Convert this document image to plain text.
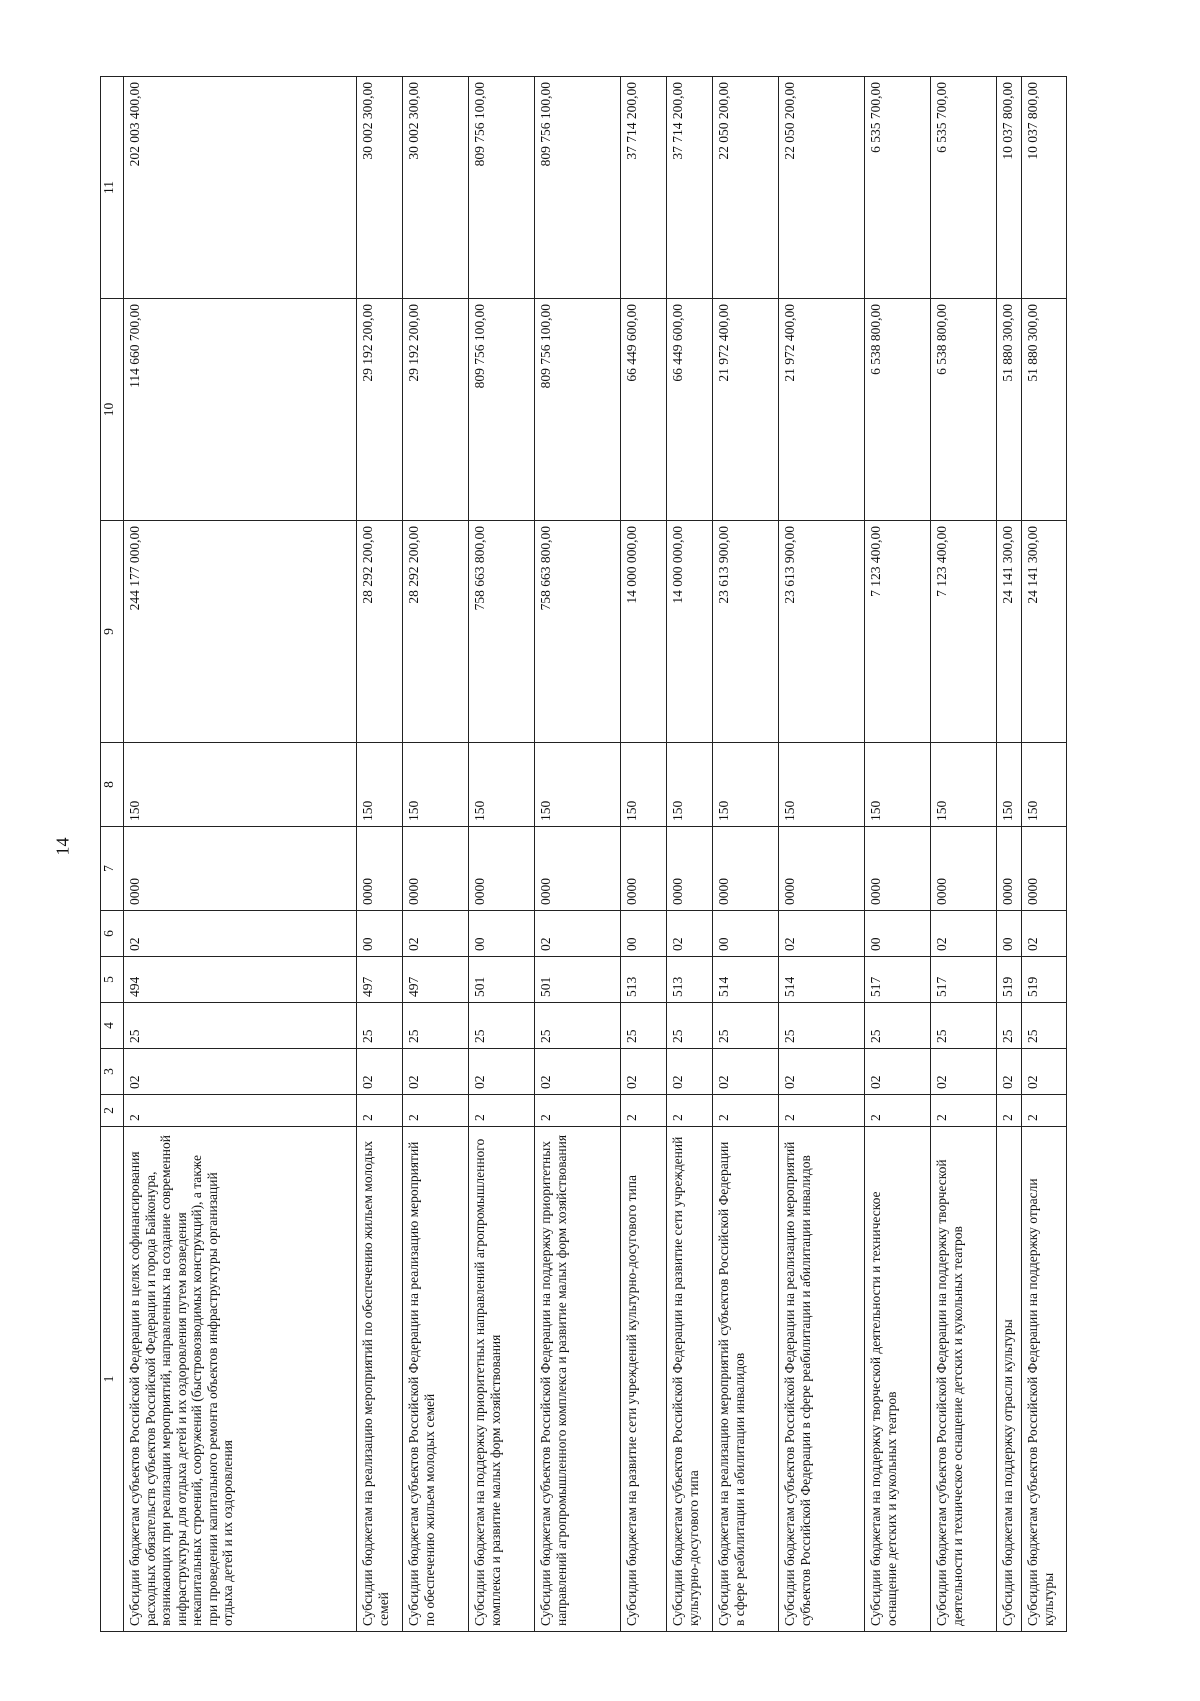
14
1	2	3	4	5	6	7	8	9	10	11
Субсидии бюджетам субъектов Российской Федерации в целях софинансирования расходных обязательств субъектов Российской Федерации и города Байконура, возникающих при реализации мероприятий, направленных на создание современной инфраструктуры для отдыха детей и их оздоровления путем возведения некапитальных строений, сооружений (быстровозводимых конструкций), а также при проведении капитального ремонта объектов инфраструктуры организаций отдыха детей и их оздоровления	2	02	25	494	02	0000	150	244 177 000,00	114 660 700,00	202 003 400,00
Субсидии бюджетам на реализацию мероприятий по обеспечению жильем молодых семей	2	02	25	497	00	0000	150	28 292 200,00	29 192 200,00	30 002 300,00
Субсидии бюджетам субъектов Российской Федерации на реализацию мероприятий по обеспечению жильем молодых семей	2	02	25	497	02	0000	150	28 292 200,00	29 192 200,00	30 002 300,00
Субсидии бюджетам на поддержку приоритетных направлений агропромышленного комплекса и развитие малых форм хозяйствования	2	02	25	501	00	0000	150	758 663 800,00	809 756 100,00	809 756 100,00
Субсидии бюджетам субъектов Российской Федерации на поддержку приоритетных направлений агропромышленного комплекса и развитие малых форм хозяйствования	2	02	25	501	02	0000	150	758 663 800,00	809 756 100,00	809 756 100,00
Субсидии бюджетам на развитие сети учреждений культурно-досугового типа	2	02	25	513	00	0000	150	14 000 000,00	66 449 600,00	37 714 200,00
Субсидии бюджетам субъектов Российской Федерации на развитие сети учреждений культурно-досугового типа	2	02	25	513	02	0000	150	14 000 000,00	66 449 600,00	37 714 200,00
Субсидии бюджетам на реализацию мероприятий субъектов Российской Федерации в сфере реабилитации и абилитации инвалидов	2	02	25	514	00	0000	150	23 613 900,00	21 972 400,00	22 050 200,00
Субсидии бюджетам субъектов Российской Федерации на реализацию мероприятий субъектов Российской Федерации в сфере реабилитации и абилитации инвалидов	2	02	25	514	02	0000	150	23 613 900,00	21 972 400,00	22 050 200,00
Субсидии бюджетам на поддержку творческой деятельности и техническое оснащение детских и кукольных театров	2	02	25	517	00	0000	150	7 123 400,00	6 538 800,00	6 535 700,00
Субсидии бюджетам субъектов Российской Федерации на поддержку творческой деятельности и техническое оснащение детских и кукольных театров	2	02	25	517	02	0000	150	7 123 400,00	6 538 800,00	6 535 700,00
Субсидии бюджетам на поддержку отрасли культуры	2	02	25	519	00	0000	150	24 141 300,00	51 880 300,00	10 037 800,00
Субсидии бюджетам субъектов Российской Федерации на поддержку отрасли культуры	2	02	25	519	02	0000	150	24 141 300,00	51 880 300,00	10 037 800,00
